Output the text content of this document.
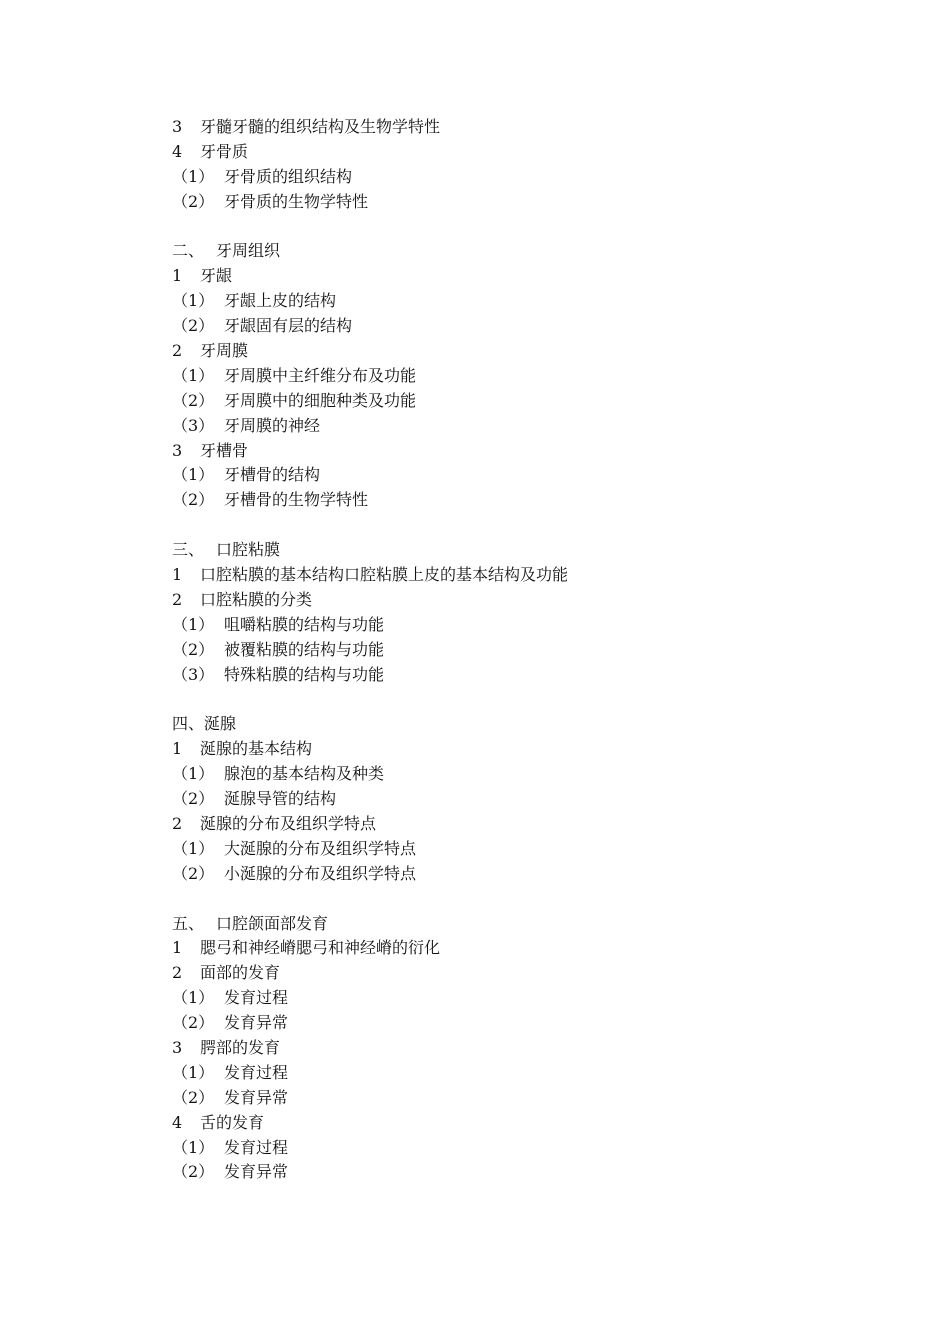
3 牙髓牙髓的组织结构及生物学特性
4 牙骨质
（1） 牙骨质的组织结构
（2） 牙骨质的生物学特性
二、 牙周组织
1 牙龈
（1） 牙龈上皮的结构
（2） 牙龈固有层的结构
2 牙周膜
（1） 牙周膜中主纤维分布及功能
（2） 牙周膜中的细胞种类及功能
（3） 牙周膜的神经
3 牙槽骨
（1） 牙槽骨的结构
（2） 牙槽骨的生物学特性
三、 口腔粘膜
1 口腔粘膜的基本结构口腔粘膜上皮的基本结构及功能
2 口腔粘膜的分类
（1） 咀嚼粘膜的结构与功能
（2） 被覆粘膜的结构与功能
（3） 特殊粘膜的结构与功能
四、涎腺
1 涎腺的基本结构
（1） 腺泡的基本结构及种类
（2） 涎腺导管的结构
2 涎腺的分布及组织学特点
（1） 大涎腺的分布及组织学特点
（2） 小涎腺的分布及组织学特点
五、 口腔颌面部发育
1 腮弓和神经嵴腮弓和神经嵴的衍化
2 面部的发育
（1） 发育过程
（2） 发育异常
3 腭部的发育
（1） 发育过程
（2） 发育异常
4 舌的发育
（1） 发育过程
（2） 发育异常
